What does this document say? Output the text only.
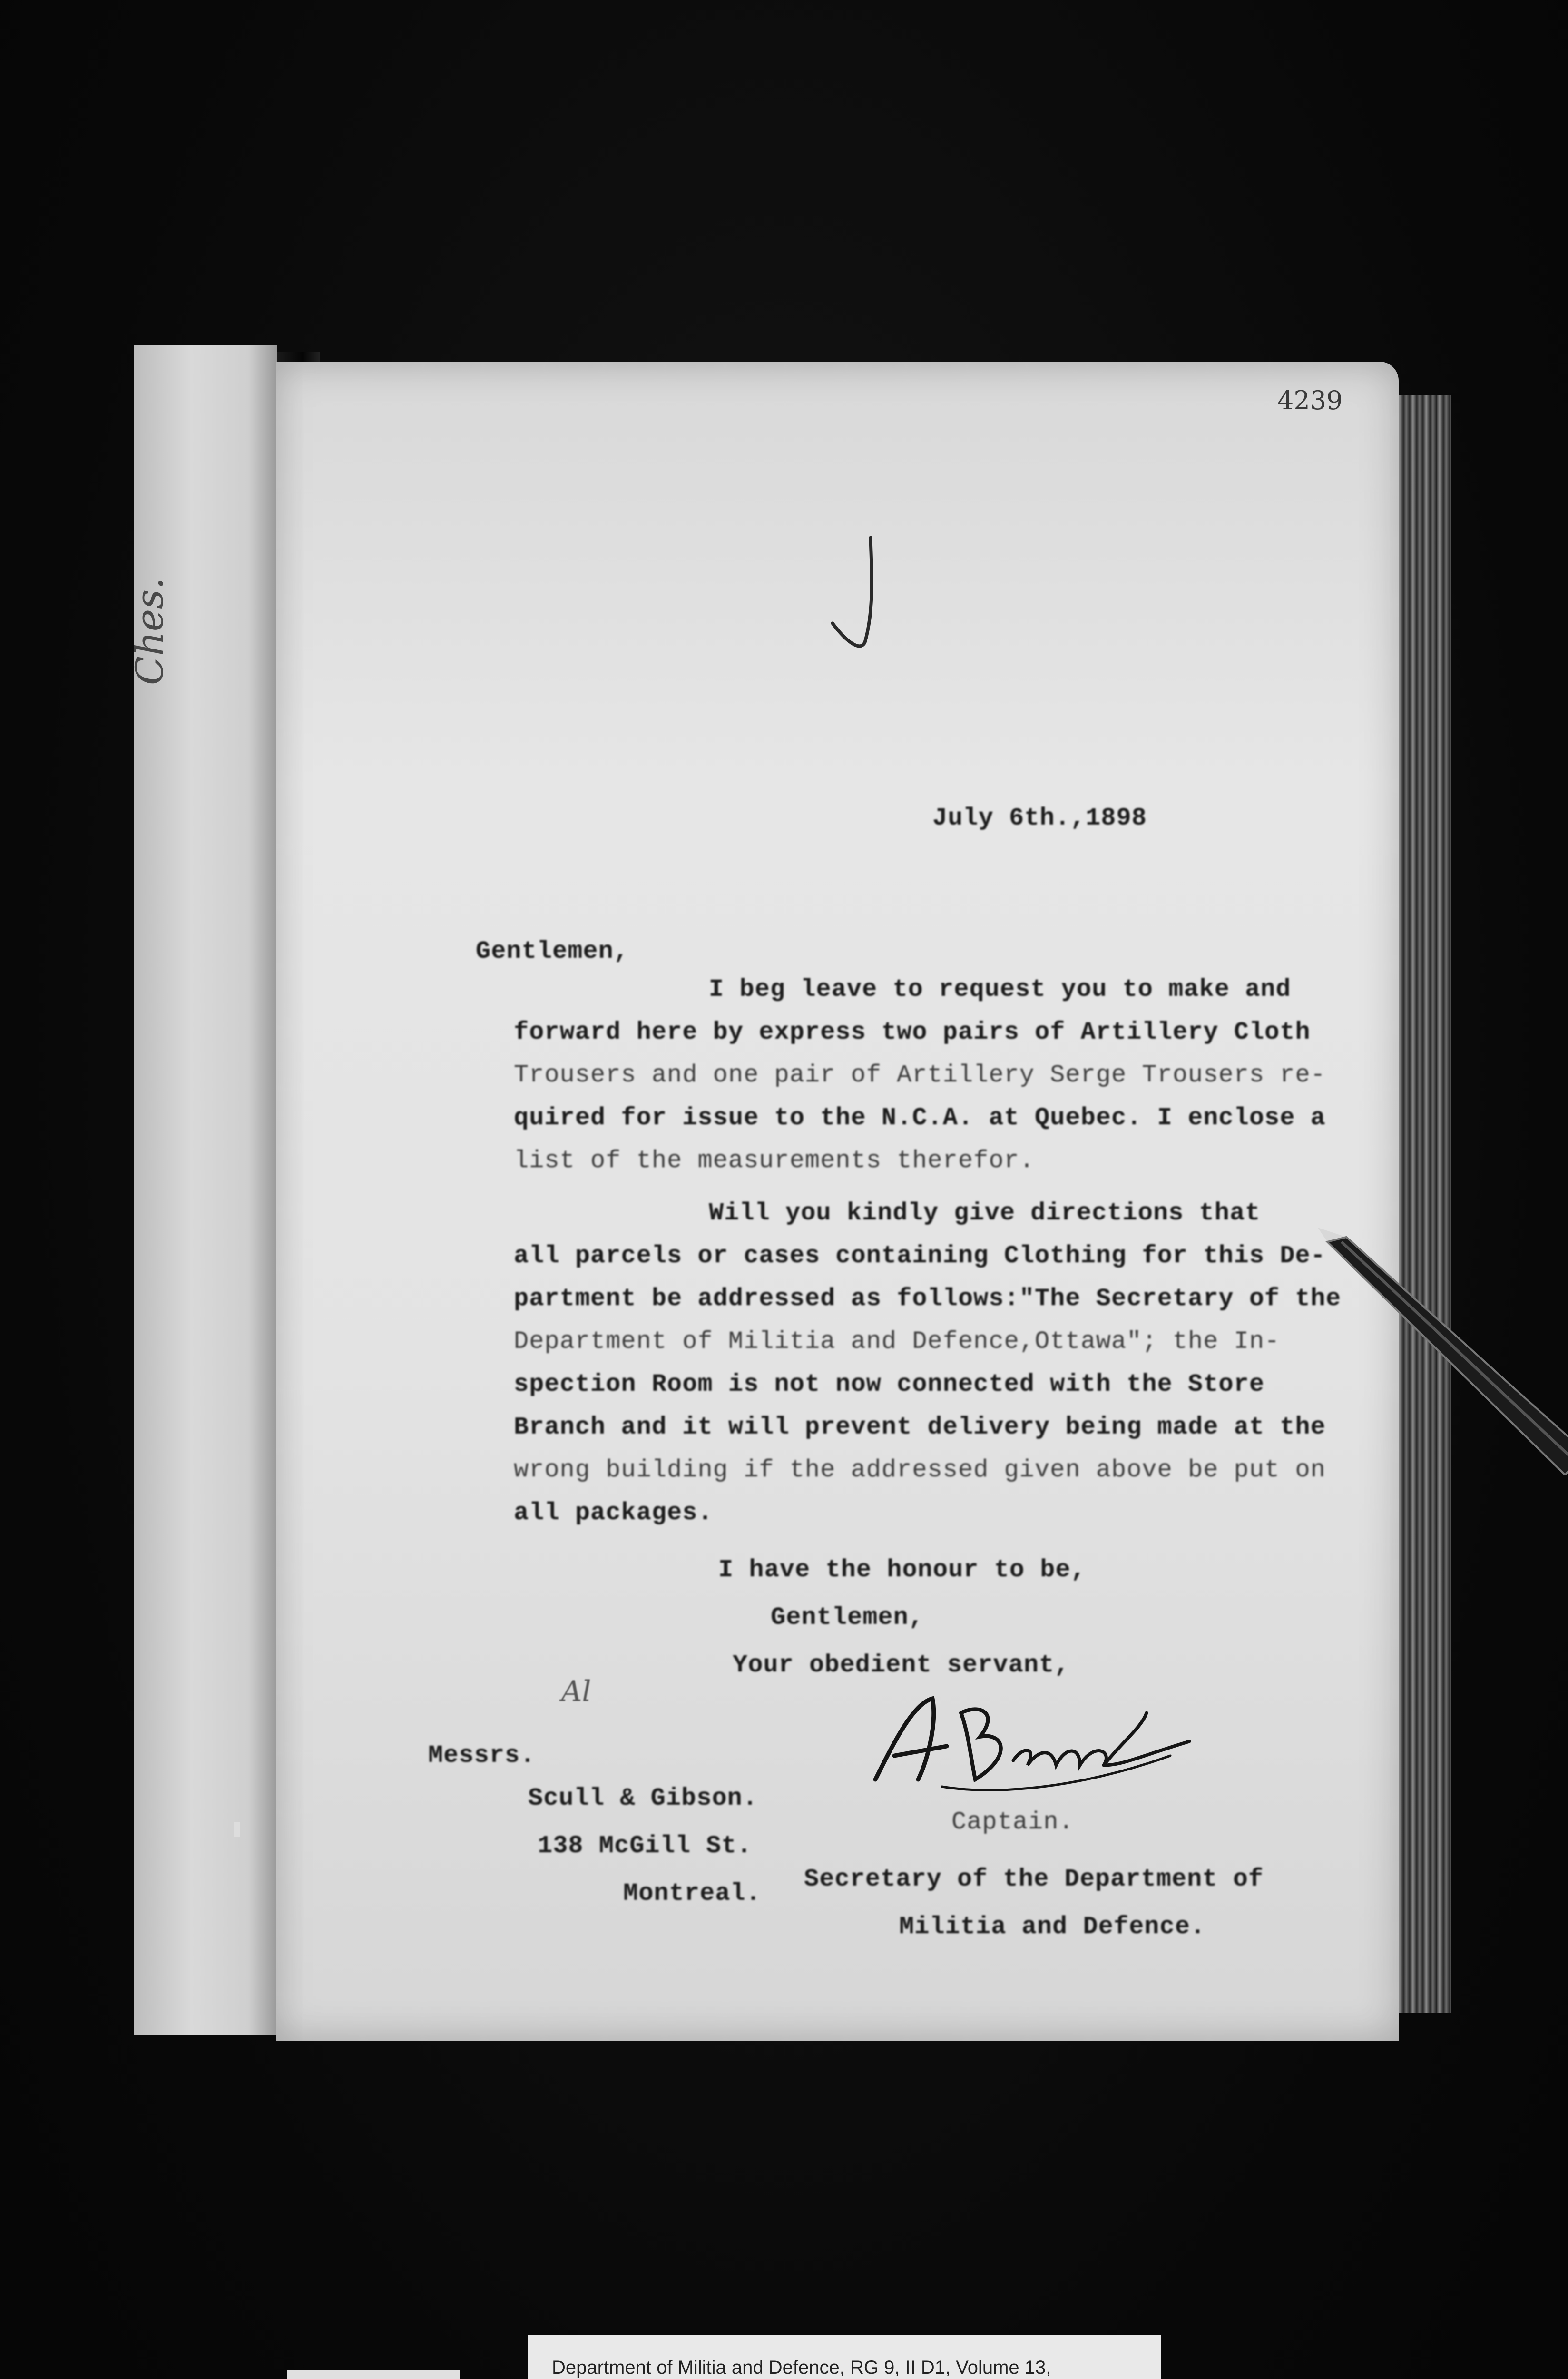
Ches.
4239
July 6th.,1898
Gentlemen,
I beg leave to request you to make and
forward here by express two pairs of Artillery Cloth
Trousers and one pair of Artillery Serge Trousers re-
quired for issue to the N.C.A. at Quebec. I enclose a
list of the measurements therefor.
Will you kindly give directions that
all parcels or cases containing Clothing for this De-
partment be addressed as follows:"The Secretary of the
Department of Militia and Defence,Ottawa"; the In-
spection Room is not now connected with the Store
Branch and it will prevent delivery being made at the
wrong building if the addressed given above be put on
all packages.
I have the honour to be,
Gentlemen,
Your obedient servant,
Al
Messrs.
Scull & Gibson.
138 McGill St.
Montreal.
Captain.
Secretary of the Department of
Militia and Defence.
Department of Militia and Defence, RG 9, II D1, Volume 13,
